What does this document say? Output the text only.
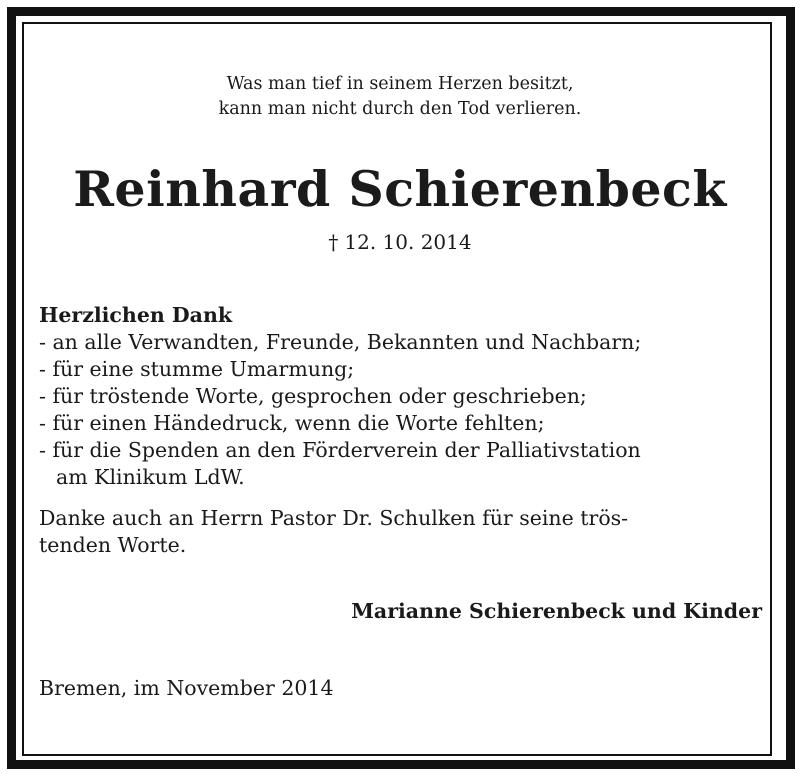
Was man tief in seinem Herzen besitzt,
kann man nicht durch den Tod verlieren.
Reinhard Schierenbeck
† 12. 10. 2014
Herzlichen Dank
- an alle Verwandten, Freunde, Bekannten und Nachbarn;
- für eine stumme Umarmung;
- für tröstende Worte, gesprochen oder geschrieben;
- für einen Händedruck, wenn die Worte fehlten;
- für die Spenden an den Förderverein der Palliativstation
am Klinikum LdW.
Danke auch an Herrn Pastor Dr. Schulken für seine trös-
tenden Worte.
Marianne Schierenbeck und Kinder
Bremen, im November 2014
